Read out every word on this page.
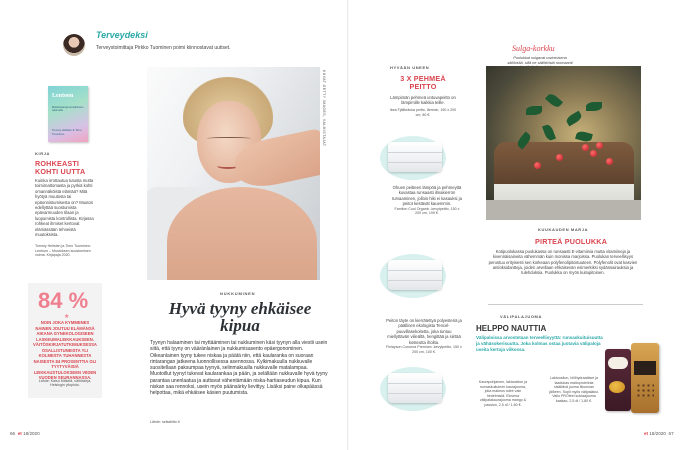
Terveydeksi
Terveystoimittaja Pirkko Tuominen poimi kiinnostavat uutiset.
Lentoon
Muistiinpanoja lentokoneen istuimelta
Tommy Hellsten & Timo Tuominen
KIRJA
ROHKEASTI KOHTI UUTTA
Kuinka irrottautua tutusta mutta toimimattomasta ja pyrkiä kohti omannäköistä elämää? Mitä hyötyä muutosta tai epäonnistumisesta on? Muutos edellyttää suostumista epävarmuuden tilaan ja luopumista kontrollista. Kirjassa rohkeat ihmiset kertovat elämässään tehneistä muutoksista.
Tommy Hellsten ja Timo Tuominen: Lentoon – Muutoksen suostumisen voima. Kirjapaja 2020.
84 %
★
NOIN JOKA KYMMENES NAINEN JOUTUU ELÄMÄNSÄ AIKANA GYNEKOLOGISEEN LASKEUMALEIKKAUKSEEN. VÄITÖSKIRJATUTKIMUKSESSA OSALLISTUNEISTA YLI KOLMESTA TUHANNESTA NAISESTA 84 PROSENTTIA OLI TYYTYVÄISIÄ LEIKKAUSTULOKSEEN VIIDEN VUODEN SEURANNASSA.
Lähde: Kaisu Mäkelä, väitöskirja, Helsingin yliopisto.
KUVAT GETTY IMAGES, VALMISTAJAT
NUKKUMINEN
Hyvä tyyny ehkäisee kipua
Tyynyn halaaminen tai myttääminen tai nukkuminen käsi tyynyn alla viestii usein siitä, että tyyny on vääränlainen ja nukkumisasento epäergonominen. Oikeanlainen tyyny tukee niskaa ja päätä niin, että kaularanka on suoraan rintarangan jatkeena luonnollisessa asennossa. Kylkimakuulla nukkuvalle suositellaan paksumpaa tyynyä, selinmakuulla nukkuvalle matalampaa. Muotoillut tyynyt tukevat kaularankaa ja pään, ja selällään nukkuvalle hyvä tyyny parantaa unenlaatua ja auttavat vähentämään niska-hartiaseudun kipua. Kun niskan saa rennoksi, usein myös päänsärky lievittyy. Lisäksi paine olkapäässä helpottaa, mikä ehkäisee käsien puutumista.
Lähde: selkaliitto.fi
HYVÄÄN UNEEN
3 X PEHMEÄ PEITTO
Lämpimän pehmeä untuvapeitto on lämpimille kaikkia teille.
Ikea Fjällbräcka peitto, lämmin, 150 x 200 cm, 80 €.
Ohuen peitteen lämpöä ja pehmeyttä kuvastaa runsaasti ilmakierron turvaaminen, jolloin hiki ei kasauksi ja peitot kestävät kauemmin.
Familon Cool Organic -kevytpeitto, 150 x 200 cm, 199 €.
Peiton täyte on kierrätettyä polyesteriä ja päällinen ekologista Tencel-puuvillasekoitetta, joka tuntuu miellyttävän viileältä, hengittää ja siirtää kosteutta ihoilta.
Finlayson Coronna Premium -kevytpeitto, 150 x 200 cm, 100 €.
Sulga-korkku
Puolukkat sulgavat ravintoisena säilöntää, sillä ne säilöttöstä ruomaanti
KUUKAUDEN MARJA
PIRTEÄ PUOLUKKA
Kotipuolukassa puolukassa on runsaasti E-vitamiinia mutta vitamiineja ja kivennäisaineita vähemmän kuin monissa marjoissa. Puolukan terveellisyys perustuu erityisesti sen korkeaan polyfenolipitoisuuteen. Polyfenolit ovat kasvien antioksidantteja, joiden arvellaan ehkäisevän esimerkiksi sydänsairauksia ja tulehduksia. Puolukka on myös kuitupitoinen.
VÄLIPALAJUOMA
HELPPO NAUTTIA
Välipaloissa arvostetaan terveellisyyttä: runsaskuituisuutta ja vähäsokerisuutta. Joka kolmas ostaa juotavia välipaloja useita kertoja viikossa.
Kaurapohjainen, laktoositon ja runsaskuituinen kaurajuoma, joka makeus tulee vain hedelmistä. Elovena välipalakaurajuoma mango & passion, 2,5 dl / 1,60 €.
Laktoositon, hiilihydraattiset ja laadukas maitoproteiinia sisältävä juoma liikunnan jälkeen. Sopii myös välipalaksi. Valio PROfeel suklaajuoma kaakao, 2,5 dl / 1,80 €.
66 et 18/2020	et 18/2020 67
